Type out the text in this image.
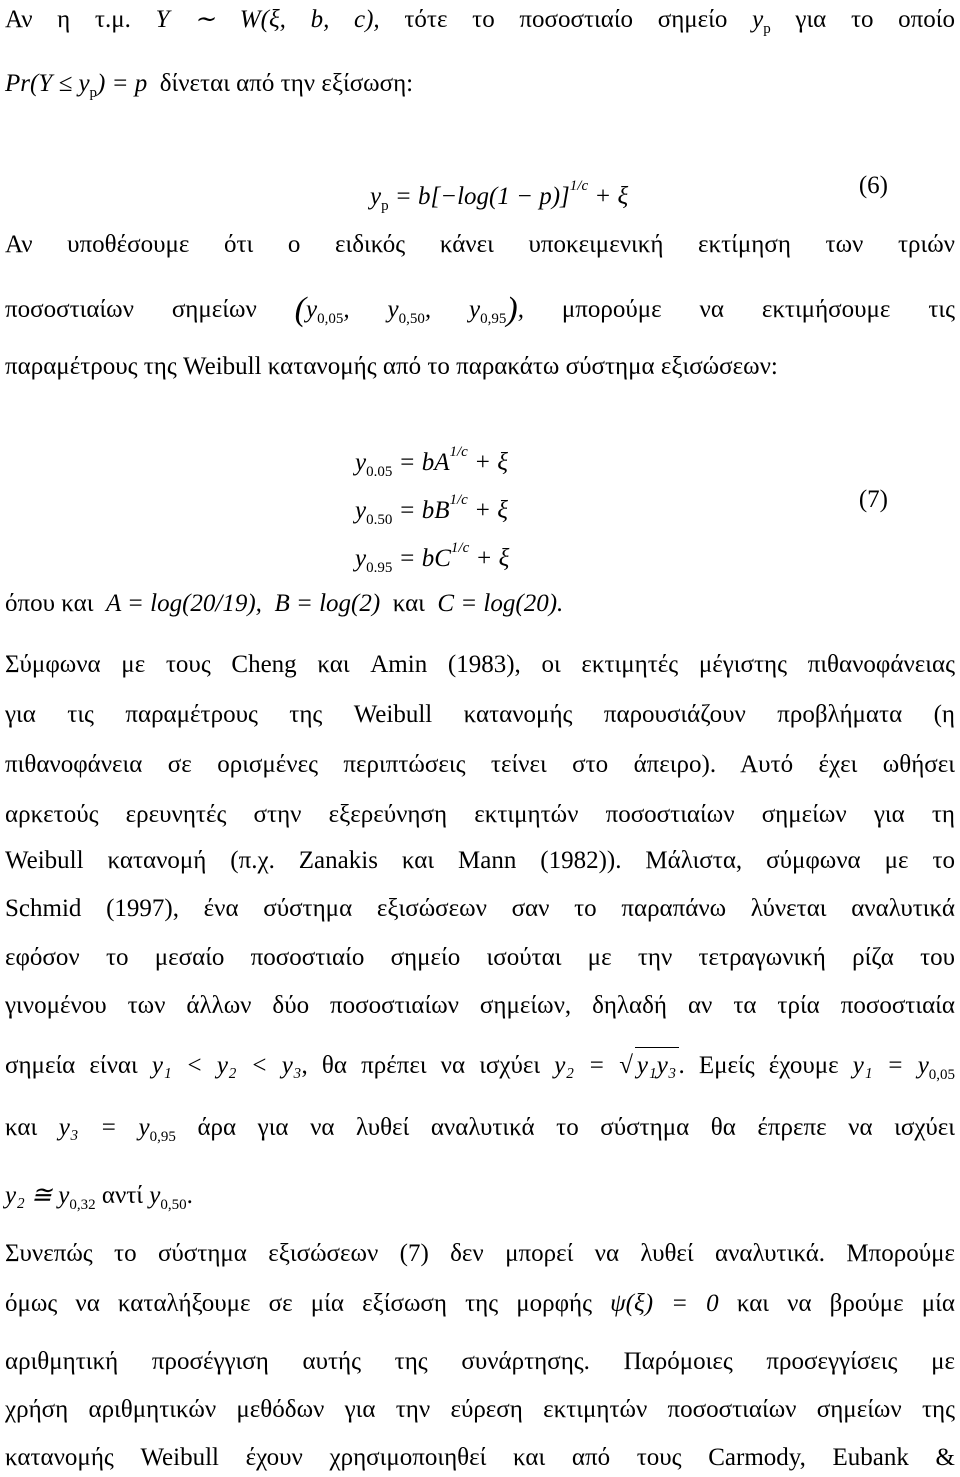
Αν η τ.μ. Y ∼ W(ξ, b, c), τότε το ποσοστιαίο σημείο $y_p$ για το οποίο
$Pr(Y \le y_p) = p$ δίνεται από την εξίσωση:
$y_p = b[-\log(1 - p)]^{1/c} + \xi$	(6)
Αν υποθέσουμε ότι ο ειδικός κάνει υποκειμενική εκτίμηση των τριών
ποσοστιαίων σημείων ($y_{0,05}$, $y_{0,50}$, $y_{0,95}$), μπορούμε να εκτιμήσουμε τις
παραμέτρους της Weibull κατανομής από το παρακάτω σύστημα εξισώσεων:
$y_{0.05} = bA^{1/c} + \xi$
$y_{0.50} = bB^{1/c} + \xi$
$y_{0.95} = bC^{1/c} + \xi$
(7)
όπου και A = log(20/19), B = log(2) και C = log(20).
Σύμφωνα με τους Cheng και Amin (1983), οι εκτιμητές μέγιστης πιθανοφάνειας
για τις παραμέτρους της Weibull κατανομής παρουσιάζουν προβλήματα (η
πιθανοφάνεια σε ορισμένες περιπτώσεις τείνει στο άπειρο). Αυτό έχει ωθήσει
αρκετούς ερευνητές στην εξερεύνηση εκτιμητών ποσοστιαίων σημείων για τη
Weibull κατανομή (π.χ. Zanakis και Mann (1982)). Μάλιστα, σύμφωνα με το
Schmid (1997), ένα σύστημα εξισώσεων σαν το παραπάνω λύνεται αναλυτικά
εφόσον το μεσαίο ποσοστιαίο σημείο ισούται με την τετραγωνική ρίζα του
γινομένου των άλλων δύο ποσοστιαίων σημείων, δηλαδή αν τα τρία ποσοστιαία
σημεία είναι y₁ < y₂ < y₃, θα πρέπει να ισχύει y₂ = √ y₁y₃. Εμείς έχουμε $y_1 = y_{0,05}$
και $y_3 = y_{0,95}$ άρα για να λυθεί αναλυτικά το σύστημα θα έπρεπε να ισχύει
y₂ ≅ $y_{0,32}$ αντί $y_{0,50}$.
Συνεπώς το σύστημα εξισώσεων (7) δεν μπορεί να λυθεί αναλυτικά. Μπορούμε
όμως να καταλήξουμε σε μία εξίσωση της μορφής ψ(ξ) = 0 και να βρούμε μία
αριθμητική προσέγγιση αυτής της συνάρτησης. Παρόμοιες προσεγγίσεις με
χρήση αριθμητικών μεθόδων για την εύρεση εκτιμητών ποσοστιαίων σημείων της
κατανομής Weibull έχουν χρησιμοποιηθεί και από τους Carmody, Eubank &
